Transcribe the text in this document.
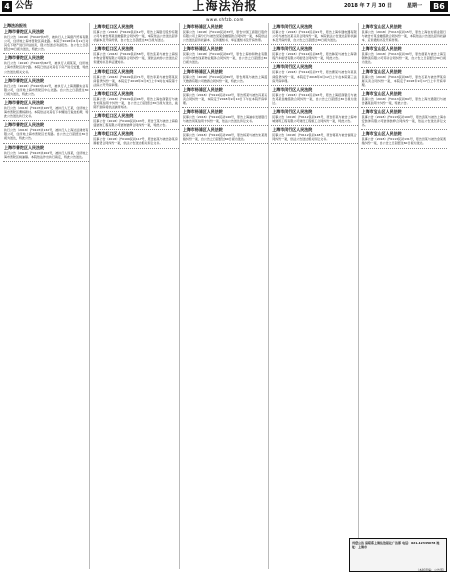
4 公告	上海法治报	2018 年 7 月 30 日	星期一	B6
www.shfzb.com
上海法治报社
上海市普陀区人民法院
执行公告（2018）沪0107执3号，被执行人上海蔚汽贸易有限公司，住所地上海市普陀区真北路。本院于2018年6月11日对其名下财产进行评估拍卖，现公告送达评估报告。自公告之日起经过30日视为送达，特此公告。
上海市普陀区人民法院
执行公告（2018）沪0107执82号，被执行人胡某某，住所地上海市普陀区武宁路。本院已依法对其名下房产进行处置，特此公告送达相关文书。
上海市普陀区人民法院
执行公告（2018）沪0107执41号，被执行人上海清鹏实业有限公司，住所地上海市普陀区中山北路。自公告之日起经过30日视为送达，特此公告。
上海市普陀区人民法院
执行公告（2018）沪0107执105号，被执行人王某，住所地上海市普陀区曹杨新村。本院依法对其名下车辆进行查封扣押，特此公告送达执行文书。
上海市普陀区人民法院
执行公告（2018）沪0107执132号，被执行人上海达远建材有限公司，住所地上海市普陀区长寿路。自公告之日起经过30日视为送达，特此公告。
上海市普陀区人民法院
执行公告（2018）沪0107执204号，被执行人徐某，住所地上海市普陀区桃浦镇。本院依法作出执行裁定，特此公告送达。
上海市虹口区人民法院
民事公告（2018）沪0109民初12号，原告上海银行股份有限公司与被告周某金融借款合同纠纷一案，本院依法公告送达起诉状副本及开庭传票，自公告之日起经过30日视为送达。
上海市虹口区人民法院
民事公告（2018）沪0109民初58号，原告张某与被告上海恒丰物业管理有限公司服务合同纠纷一案，现依法向你公告送达应诉通知书及举证通知书。
上海市虹口区人民法院
民事公告（2018）沪0109民初71号，原告李某与被告陈某民间借贷纠纷一案，本院定于2018年9月3日上午9时在本院第十法庭公开开庭审理。
上海市虹口区人民法院
民事公告（2018）沪0109民初96号，原告上海农商银行与被告刘某信用卡纠纷一案，自公告之日起经过30日视为送达，逾期不到庭将依法缺席判决。
上海市虹口区人民法院
民事公告（2018）沪0109民初103号，原告王某与被告上海鼎盛装饰工程有限公司装饰装修合同纠纷一案，特此公告。
上海市虹口区人民法院
民事公告（2018）沪0109民初117号，原告赵某与被告孙某房屋租赁合同纠纷一案，依法公告送达相关诉讼文书。
上海市杨浦区人民法院
民事公告（2018）沪0110民初33号，原告中国工商银行股份有限公司上海分行与被告吴某金融借款合同纠纷一案，本院依法公告送达起诉状副本、应诉通知书、举证通知书及开庭传票。
上海市杨浦区人民法院
民事公告（2018）沪0110民初64号，原告上海协和物业有限公司与被告钱某物业服务合同纠纷一案，自公告之日起经过30日视为送达。
上海市杨浦区人民法院
民事公告（2018）沪0110民初89号，原告周某与被告上海蓝天旅游有限公司旅游合同纠纷一案，特此公告。
上海市杨浦区人民法院
民事公告（2018）沪0110民初112号，原告郑某与被告冯某买卖合同纠纷一案，本院定于2018年9月10日下午在本院开庭审理。
上海市杨浦区人民法院
民事公告（2018）沪0110民初140号，原告上海浦东发展银行与被告何某信用卡纠纷一案，依法公告送达诉讼文书。
上海市杨浦区人民法院
民事公告（2018）沪0110民初156号，原告杨某与被告朱某离婚纠纷一案，自公告之日起经过60日视为送达。
上海市闵行区人民法院
民事公告（2018）沪0112民初21号，原告上海华通电器有限公司与被告沈某买卖合同纠纷一案，本院依法公告送达起诉状副本及开庭传票，自公告之日起经过30日视为送达。
上海市闵行区人民法院
民事公告（2018）沪0112民初48号，原告韩某与被告上海锦程汽车租赁有限公司租赁合同纠纷一案，特此公告。
上海市闵行区人民法院
民事公告（2018）沪0112民初77号，原告曹某与被告许某民间借贷纠纷一案，本院定于2018年9月12日上午在本院第三法庭开庭审理。
上海市闵行区人民法院
民事公告（2018）沪0112民初93号，原告上海招商银行与被告邓某金融借款合同纠纷一案，自公告之日起经过30日视为送达。
上海市闵行区人民法院
民事公告（2018）沪0112民初125号，原告彭某与被告上海申城建筑工程有限公司建设工程施工合同纠纷一案，特此公告。
上海市闵行区人民法院
民事公告（2018）沪0112民初148号，原告蒋某与被告谢某合同纠纷一案，依法公告送达相关诉讼文书。
上海市宝山区人民法院
民事公告（2018）沪0113民初15号，原告上海农村商业银行与被告方某金融借款合同纠纷一案，本院依法公告送达起诉状副本、应诉通知书及开庭传票。
上海市宝山区人民法院
民事公告（2018）沪0113民初39号，原告唐某与被告上海宝钢物流有限公司劳动合同纠纷一案，自公告之日起经过30日视为送达。
上海市宝山区人民法院
民事公告（2018）沪0113民初66号，原告石某与被告罗某房屋买卖合同纠纷一案，本院定于2018年9月17日上午开庭审理。
上海市宝山区人民法院
民事公告（2018）沪0113民初84号，原告上海交通银行与被告潘某信用卡纠纷一案，特此公告。
上海市宝山区人民法院
民事公告（2018）沪0113民初109号，原告袁某与被告上海永安装饰有限公司装饰装修合同纠纷一案，依法公告送达诉讼文书。
上海市宝山区人民法院
民事公告（2018）沪0113民初131号，原告田某与被告金某离婚纠纷一案，自公告之日起经过60日视为送达。
刊登公告 请联系上海法治报社广告部 电话：021-12345678 地址：上海市
（本版责编：公告部）
